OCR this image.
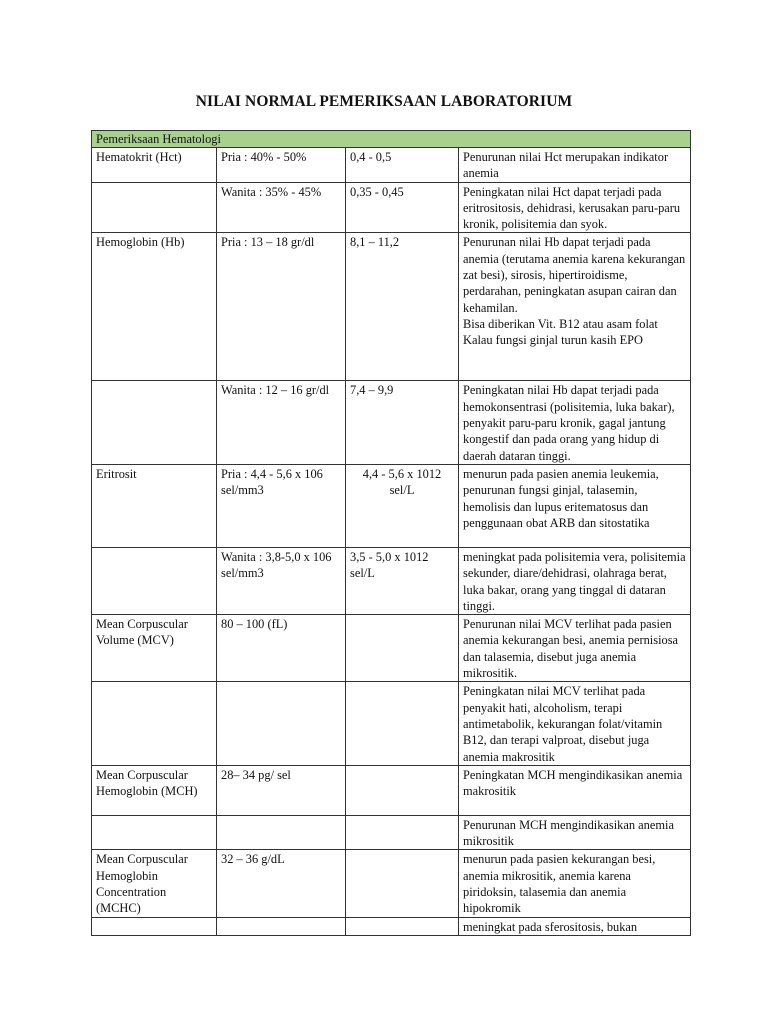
NILAI NORMAL PEMERIKSAAN LABORATORIUM
Pemeriksaan Hematologi			
Hematokrit (Hct)	Pria : 40% - 50%	0,4 - 0,5	Penurunan nilai Hct merupakan indikator anemia
	Wanita : 35% - 45%	0,35 - 0,45	Peningkatan nilai Hct dapat terjadi pada eritrositosis, dehidrasi, kerusakan paru-paru kronik, polisitemia dan syok.
Hemoglobin (Hb)	Pria : 13 – 18 gr/dl	8,1 – 11,2	Penurunan nilai Hb dapat terjadi pada anemia (terutama anemia karena kekurangan zat besi), sirosis, hipertiroidisme, perdarahan, peningkatan asupan cairan dan kehamilan.
Bisa diberikan Vit. B12 atau asam folat
Kalau fungsi ginjal turun kasih EPO

	Wanita : 12 – 16 gr/dl	7,4 – 9,9	Peningkatan nilai Hb dapat terjadi pada hemokonsentrasi (polisitemia, luka bakar), penyakit paru-paru kronik, gagal jantung kongestif dan pada orang yang hidup di daerah dataran tinggi.
Eritrosit	Pria : 4,4 - 5,6 x 106 sel/mm3	4,4 - 5,6 x 1012 sel/L	menurun pada pasien anemia leukemia, penurunan fungsi ginjal, talasemin, hemolisis dan lupus eritematosus dan penggunaan obat ARB dan sitostatika
	Wanita : 3,8-5,0 x 106 sel/mm3	3,5 - 5,0 x 1012 sel/L	meningkat pada polisitemia vera, polisitemia sekunder, diare/dehidrasi, olahraga berat, luka bakar, orang yang tinggal di dataran tinggi.
Mean Corpuscular Volume (MCV)	80 – 100 (fL)		Penurunan nilai MCV terlihat pada pasien anemia kekurangan besi, anemia pernisiosa dan talasemia, disebut juga anemia mikrositik.
			Peningkatan nilai MCV terlihat pada penyakit hati, alcoholism, terapi antimetabolik, kekurangan folat/vitamin B12, dan terapi valproat, disebut juga anemia makrositik
Mean Corpuscular Hemoglobin (MCH)	28– 34 pg/ sel		Peningkatan MCH mengindikasikan anemia makrositik
			Penurunan MCH mengindikasikan anemia mikrositik
Mean Corpuscular Hemoglobin Concentration (MCHC)	32 – 36 g/dL		menurun pada pasien kekurangan besi, anemia mikrositik, anemia karena piridoksin, talasemia dan anemia hipokromik
			meningkat pada sferositosis, bukan
